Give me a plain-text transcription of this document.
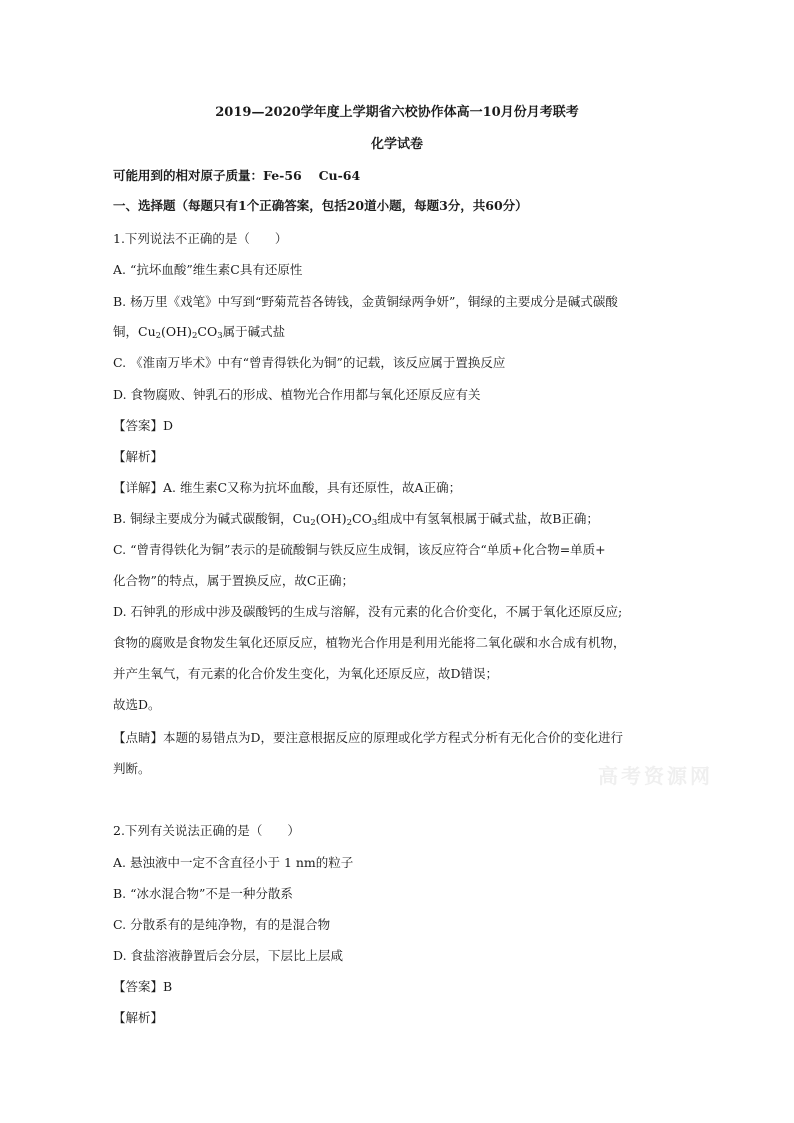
2019—2020学年度上学期省六校协作体高一10月份月考联考
化学试卷
可能用到的相对原子质量：Fe-56　 Cu-64
一、选择题（每题只有1个正确答案，包括20道小题，每题3分，共60分）
1.下列说法不正确的是（　　）
A. “抗坏血酸”维生素C具有还原性
B. 杨万里《戏笔》中写到“野菊荒苔各铸钱，金黄铜绿两争妍”，铜绿的主要成分是碱式碳酸
铜，$Cu_2(OH)_2CO_3$属于碱式盐
C. 《淮南万毕术》中有“曾青得铁化为铜”的记载，该反应属于置换反应
D. 食物腐败、钟乳石的形成、植物光合作用都与氧化还原反应有关
【答案】D
【解析】
【详解】A. 维生素C又称为抗坏血酸，具有还原性，故A正确；
B. 铜绿主要成分为碱式碳酸铜，$Cu_2(OH)_2CO_3$组成中有氢氧根属于碱式盐，故B正确；
C. “曾青得铁化为铜”表示的是硫酸铜与铁反应生成铜，该反应符合“单质+化合物=单质+
化合物”的特点，属于置换反应，故C正确；
D. 石钟乳的形成中涉及碳酸钙的生成与溶解，没有元素的化合价变化，不属于氧化还原反应;
食物的腐败是食物发生氧化还原反应，植物光合作用是利用光能将二氧化碳和水合成有机物，
并产生氧气，有元素的化合价发生变化，为氧化还原反应，故D错误；
故选D。
【点睛】本题的易错点为D，要注意根据反应的原理或化学方程式分析有无化合价的变化进行
判断。	高考资源网
2.下列有关说法正确的是（　　）
A. 悬浊液中一定不含直径小于 1 nm的粒子
B. “冰水混合物”不是一种分散系
C. 分散系有的是纯净物，有的是混合物
D. 食盐溶液静置后会分层，下层比上层咸
【答案】B
【解析】
